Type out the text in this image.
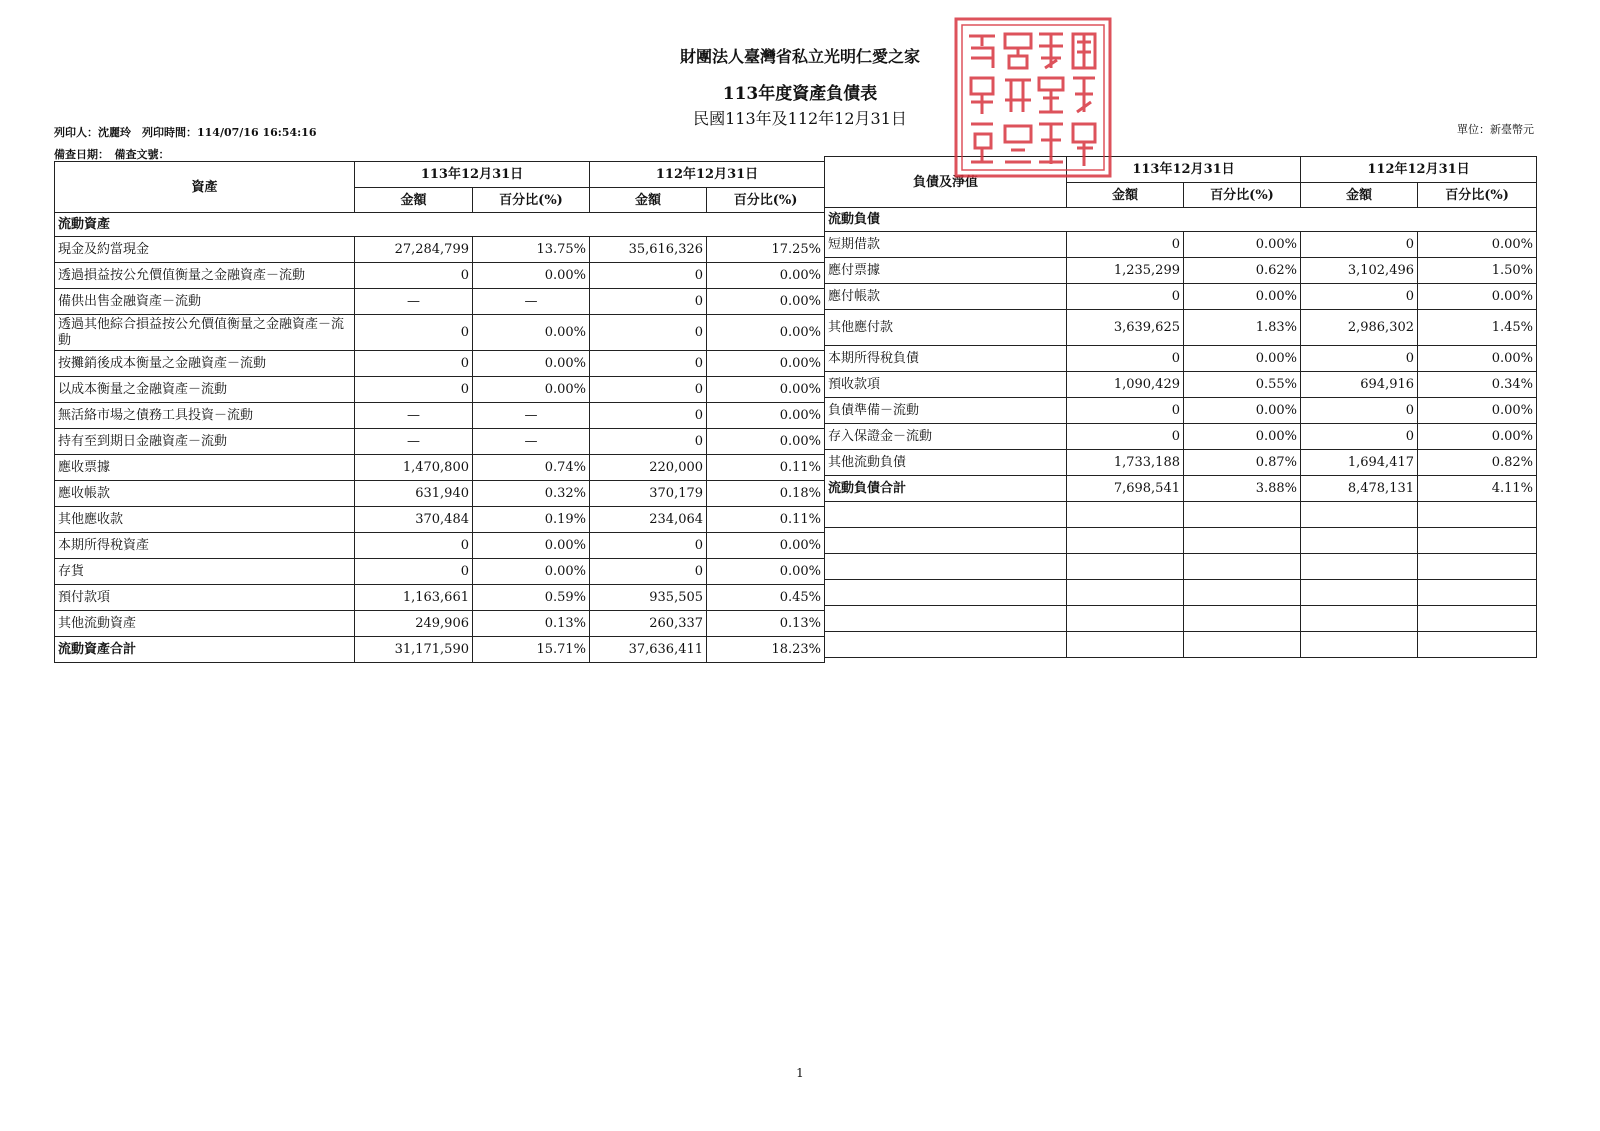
財團法人臺灣省私立光明仁愛之家
113年度資產負債表
民國113年及112年12月31日
列印人：沈麗玲　列印時間：114/07/16 16:54:16
備查日期：　備查文號：
單位：新臺幣元
資產	113年12月31日		112年12月31日	
	金額	百分比(%)	金額	百分比(%)
流動資產				
現金及約當現金	27,284,799	13.75%	35,616,326	17.25%
透過損益按公允價值衡量之金融資產－流動	0	0.00%	0	0.00%
備供出售金融資產－流動	—	—	0	0.00%
透過其他綜合損益按公允價值衡量之金融資產－流動	0	0.00%	0	0.00%
按攤銷後成本衡量之金融資產－流動	0	0.00%	0	0.00%
以成本衡量之金融資產－流動	0	0.00%	0	0.00%
無活絡市場之債務工具投資－流動	—	—	0	0.00%
持有至到期日金融資產－流動	—	—	0	0.00%
應收票據	1,470,800	0.74%	220,000	0.11%
應收帳款	631,940	0.32%	370,179	0.18%
其他應收款	370,484	0.19%	234,064	0.11%
本期所得稅資產	0	0.00%	0	0.00%
存貨	0	0.00%	0	0.00%
預付款項	1,163,661	0.59%	935,505	0.45%
其他流動資產	249,906	0.13%	260,337	0.13%
流動資產合計	31,171,590	15.71%	37,636,411	18.23%
負債及淨值	113年12月31日		112年12月31日	
	金額	百分比(%)	金額	百分比(%)
流動負債				
短期借款	0	0.00%	0	0.00%
應付票據	1,235,299	0.62%	3,102,496	1.50%
應付帳款	0	0.00%	0	0.00%
其他應付款	3,639,625	1.83%	2,986,302	1.45%
本期所得稅負債	0	0.00%	0	0.00%
預收款項	1,090,429	0.55%	694,916	0.34%
負債準備－流動	0	0.00%	0	0.00%
存入保證金－流動	0	0.00%	0	0.00%
其他流動負債	1,733,188	0.87%	1,694,417	0.82%
流動負債合計	7,698,541	3.88%	8,478,131	4.11%

1
